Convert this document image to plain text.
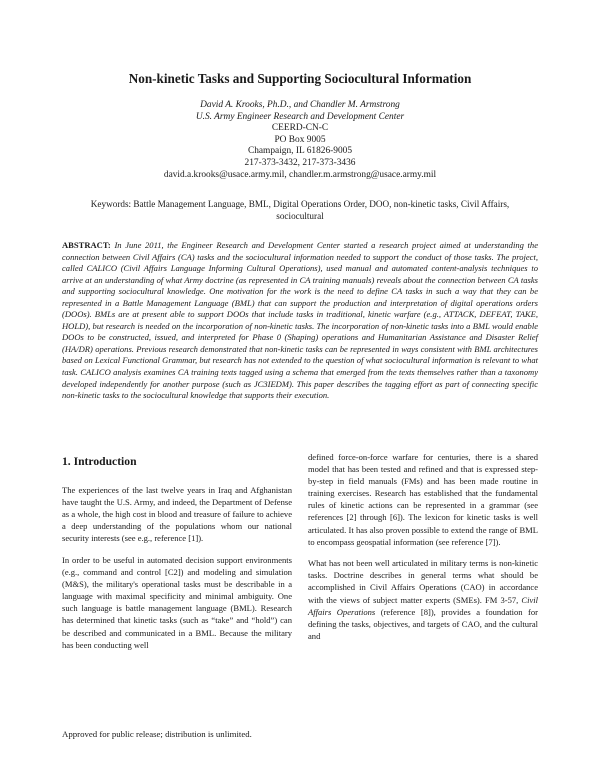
Non-kinetic Tasks and Supporting Sociocultural Information
David A. Krooks, Ph.D., and Chandler M. Armstrong
U.S. Army Engineer Research and Development Center
CEERD-CN-C
PO Box 9005
Champaign, IL 61826-9005
217-373-3432, 217-373-3436
david.a.krooks@usace.army.mil, chandler.m.armstrong@usace.army.mil
Keywords: Battle Management Language, BML, Digital Operations Order, DOO, non-kinetic tasks, Civil Affairs, sociocultural
ABSTRACT: In June 2011, the Engineer Research and Development Center started a research project aimed at understanding the connection between Civil Affairs (CA) tasks and the sociocultural information needed to support the conduct of those tasks. The project, called CALICO (Civil Affairs Language Informing Cultural Operations), used manual and automated content-analysis techniques to arrive at an understanding of what Army doctrine (as represented in CA training manuals) reveals about the connection between CA tasks and supporting sociocultural knowledge. One motivation for the work is the need to define CA tasks in such a way that they can be represented in a Battle Management Language (BML) that can support the production and interpretation of digital operations orders (DOOs). BMLs are at present able to support DOOs that include tasks in traditional, kinetic warfare (e.g., ATTACK, DEFEAT, TAKE, HOLD), but research is needed on the incorporation of non-kinetic tasks. The incorporation of non-kinetic tasks into a BML would enable DOOs to be constructed, issued, and interpreted for Phase 0 (Shaping) operations and Humanitarian Assistance and Disaster Relief (HA/DR) operations. Previous research demonstrated that non-kinetic tasks can be represented in ways consistent with BML architectures based on Lexical Functional Grammar, but research has not extended to the question of what sociocultural information is relevant to what task. CALICO analysis examines CA training texts tagged using a schema that emerged from the texts themselves rather than a taxonomy developed independently for another purpose (such as JC3IEDM). This paper describes the tagging effort as part of connecting specific non-kinetic tasks to the sociocultural knowledge that supports their execution.
1. Introduction

The experiences of the last twelve years in Iraq and Afghanistan have taught the U.S. Army, and indeed, the Department of Defense as a whole, the high cost in blood and treasure of failure to achieve a deep understanding of the populations whom our national security interests (see e.g., reference [1]).

In order to be useful in automated decision support environments (e.g., command and control [C2]) and modeling and simulation (M&S), the military's operational tasks must be describable in a language with maximal specificity and minimal ambiguity. One such language is battle management language (BML). Research has determined that kinetic tasks (such as “take” and “hold”) can be described and communicated in a BML. Because the military has been conducting well

defined force-on-force warfare for centuries, there is a shared model that has been tested and refined and that is expressed step-by-step in field manuals (FMs) and has been made routine in training exercises. Research has established that the fundamental rules of kinetic actions can be represented in a grammar (see references [2] through [6]). The lexicon for kinetic tasks is well articulated. It has also proven possible to extend the range of BML to encompass geospatial information (see reference [7]).

What has not been well articulated in military terms is non-kinetic tasks. Doctrine describes in general terms what should be accomplished in Civil Affairs Operations (CAO) in accordance with the views of subject matter experts (SMEs). FM 3-57, Civil Affairs Operations (reference [8]), provides a foundation for defining the tasks, objectives, and targets of CAO, and the cultural and

Approved for public release; distribution is unlimited.
